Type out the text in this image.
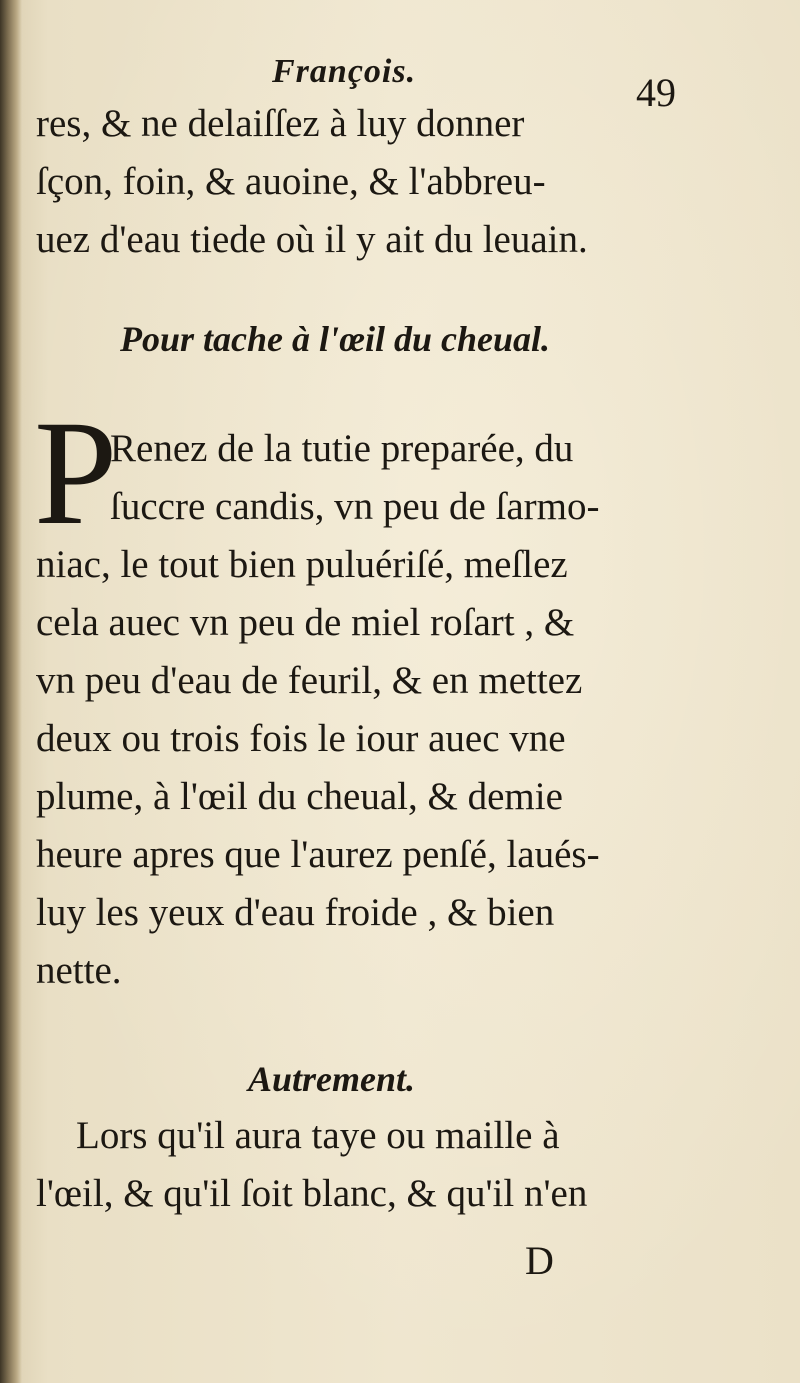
François.	49
res, & ne delaiſſez à luy donner
ſçon, foin, & auoine, & l'abbreu-
uez d'eau tiede où il y ait du leuain.
Pour tache à l'œil du cheual.
P
Renez de la tutie preparée, du
ſuccre candis, vn peu de ſarmo-
niac, le tout bien puluériſé, meſlez
cela auec vn peu de miel roſart , &
vn peu d'eau de feuril, & en mettez
deux ou trois fois le iour auec vne
plume, à l'œil du cheual, & demie
heure apres que l'aurez penſé, laués-
luy les yeux d'eau froide , & bien
nette.
Autrement.
Lors qu'il aura taye ou maille à
l'œil, & qu'il ſoit blanc, & qu'il n'en
D
